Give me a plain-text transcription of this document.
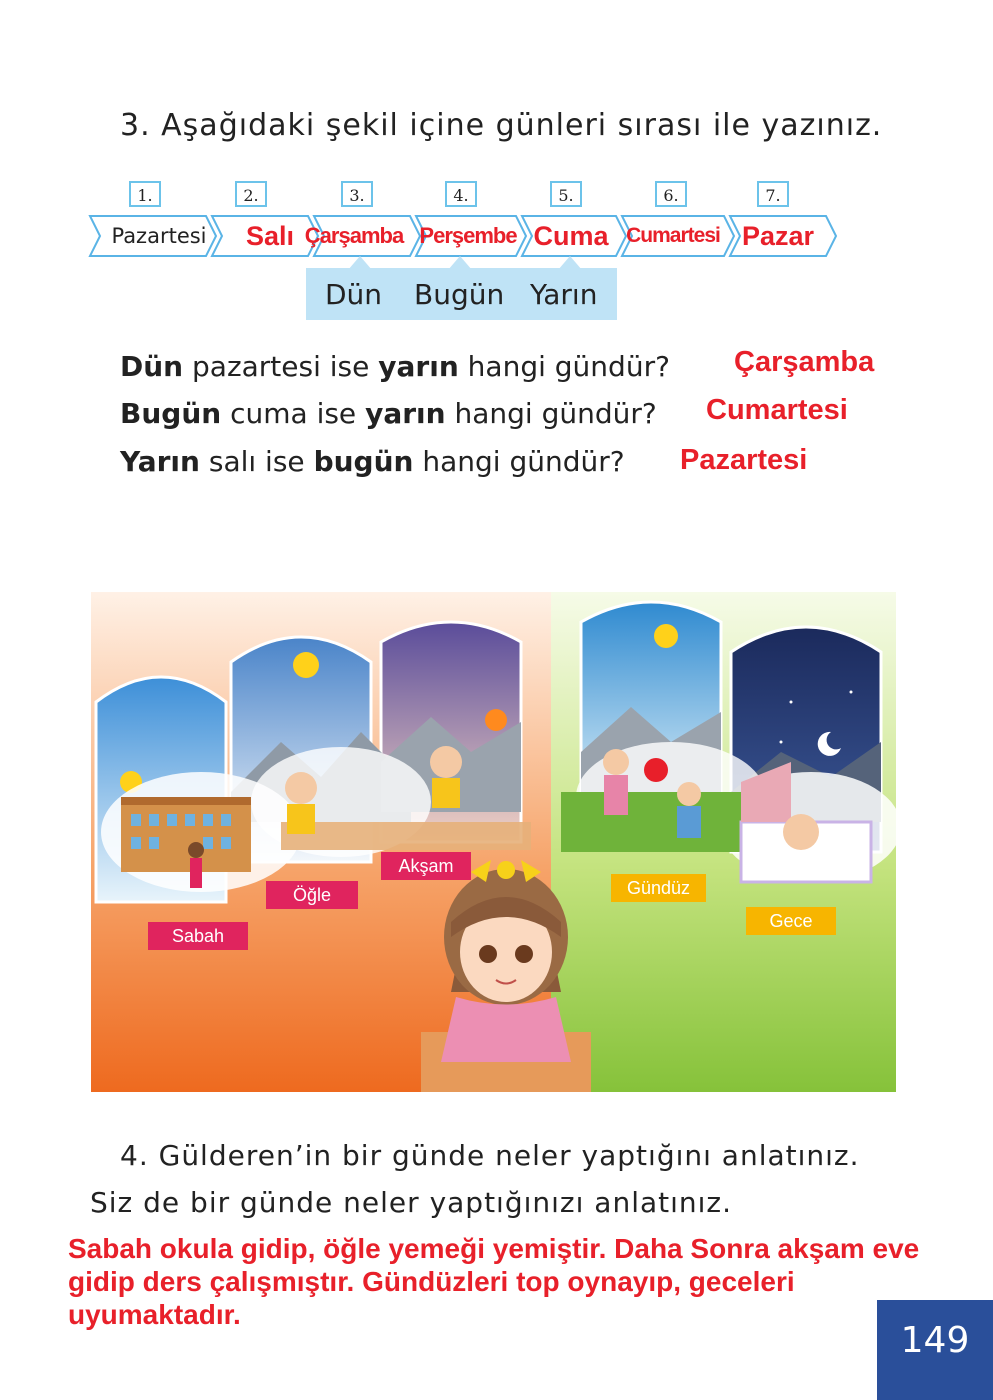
3. Aşağıdaki şekil içine günleri sırası ile yazınız.
1.	2.	3.	4.	5.	6.	7.
Pazartesi	Salı Çarşamba Perşembe Cuma Cumartesi Pazar
Dün Bugün Yarın
Dün pazartesi ise yarın hangi gündür? Çarşamba
Bugün cuma ise yarın hangi gündür? Cumartesi
Yarın salı ise bugün hangi gündür? Pazartesi
Sabah
Öğle
Akşam
Gündüz
Gece
4. Gülderen’in bir günde neler yaptığını anlatınız.
Siz de bir günde neler yaptığınızı anlatınız.
Sabah okula gidip, öğle yemeği yemiştir. Daha Sonra akşam eve gidip ders çalışmıştır. Gündüzleri top oynayıp, geceleri uyumaktadır.
149
